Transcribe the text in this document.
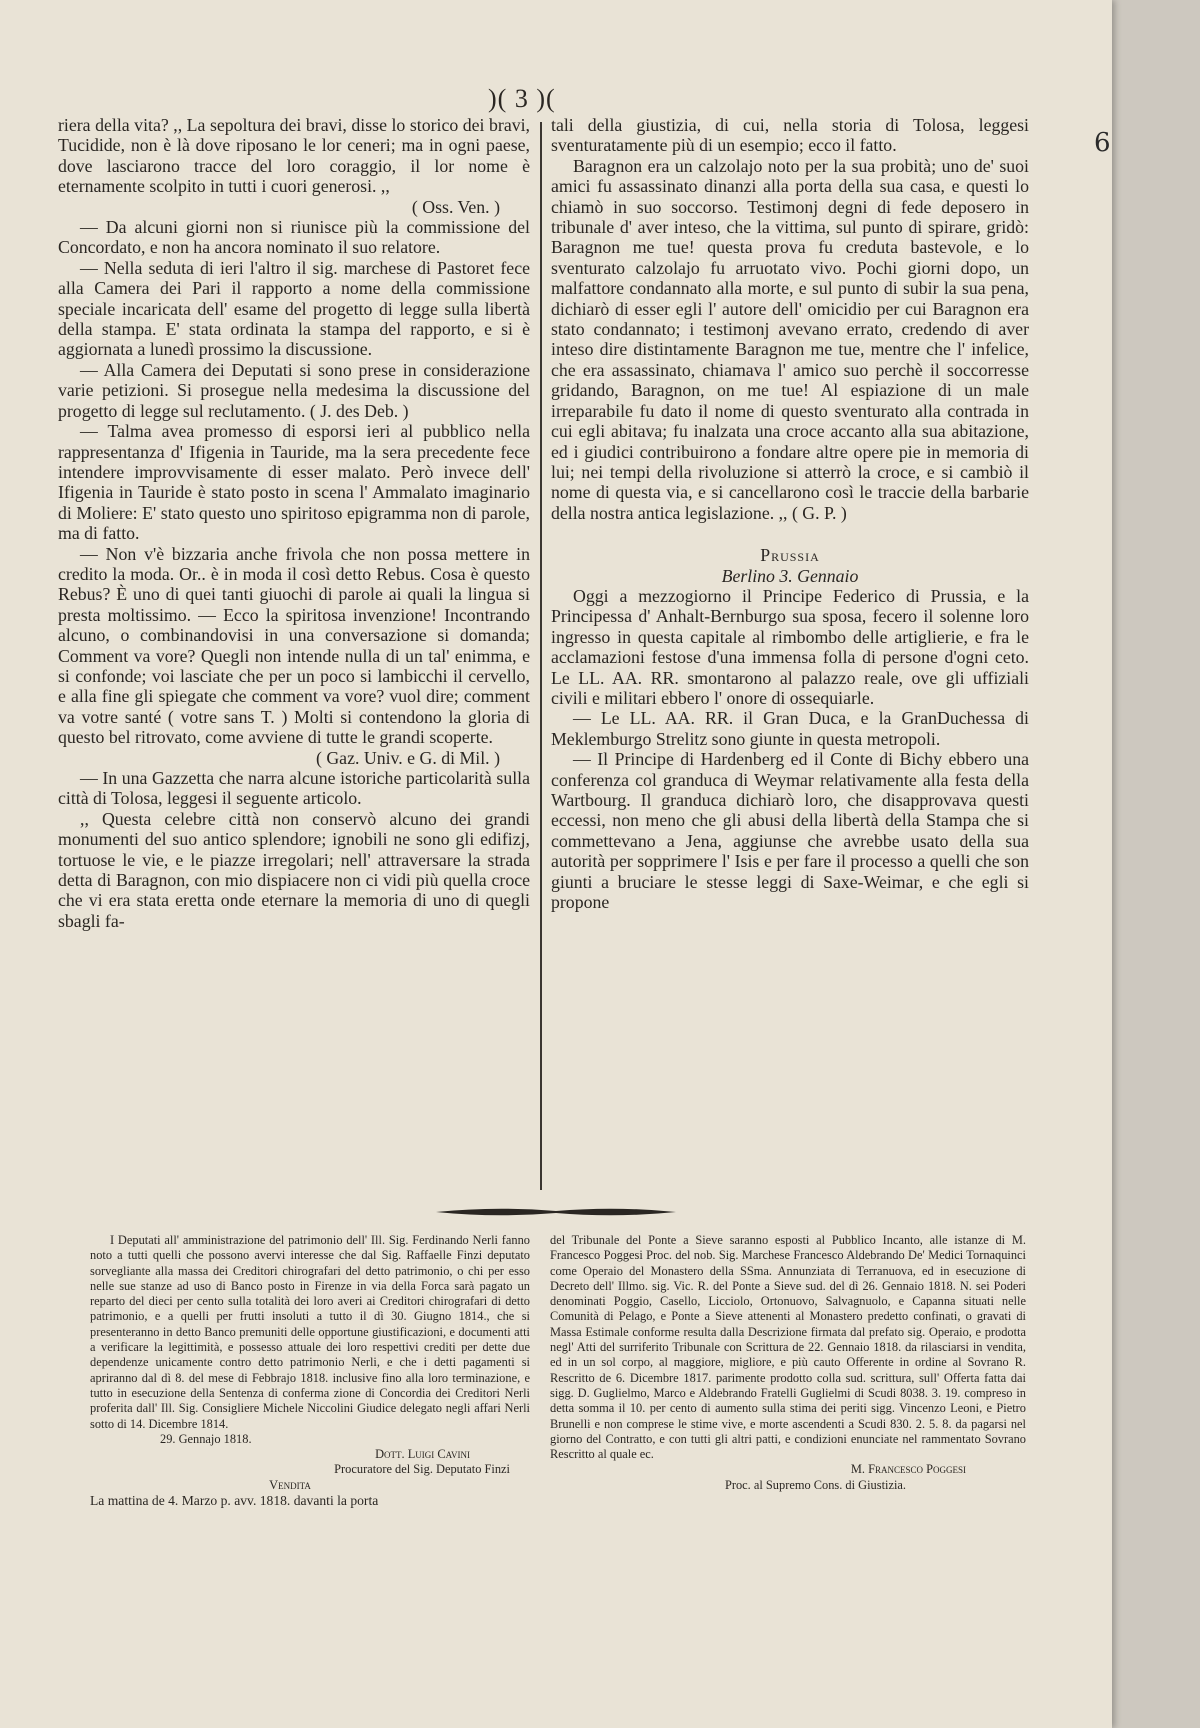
)( 3 )(

riera della vita? ,, La sepoltura dei bravi, disse lo storico dei bravi, Tucidide, non è là dove riposano le lor ceneri; ma in ogni paese, dove lasciarono tracce del loro coraggio, il lor nome è eternamente scolpito in tutti i cuori generosi. ,,

( Oss. Ven. )

— Da alcuni giorni non si riunisce più la commissione del Concordato, e non ha ancora nominato il suo relatore.

— Nella seduta di ieri l'altro il sig. marchese di Pastoret fece alla Camera dei Pari il rapporto a nome della commissione speciale incaricata dell' esame del progetto di legge sulla libertà della stampa. E' stata ordinata la stampa del rapporto, e si è aggiornata a lunedì prossimo la discussione.

— Alla Camera dei Deputati si sono prese in considerazione varie petizioni. Si prosegue nella medesima la discussione del progetto di legge sul reclutamento. ( J. des Deb. )

— Talma avea promesso di esporsi ieri al pubblico nella rappresentanza d' Ifigenia in Tauride, ma la sera precedente fece intendere improvvisamente di esser malato. Però invece dell' Ifigenia in Tauride è stato posto in scena l' Ammalato imaginario di Moliere: E' stato questo uno spiritoso epigramma non di parole, ma di fatto.

— Non v'è bizzaria anche frivola che non possa mettere in credito la moda. Or.. è in moda il così detto Rebus. Cosa è questo Rebus? È uno di quei tanti giuochi di parole ai quali la lingua si presta moltissimo. — Ecco la spiritosa invenzione! Incontrando alcuno, o combinandovisi in una conversazione si domanda; Comment va vore? Quegli non intende nulla di un tal' enimma, e si confonde; voi lasciate che per un poco si lambicchi il cervello, e alla fine gli spiegate che comment va vore? vuol dire; comment va votre santé ( votre sans T. ) Molti si contendono la gloria di questo bel ritrovato, come avviene di tutte le grandi scoperte.

( Gaz. Univ. e G. di Mil. )

— In una Gazzetta che narra alcune istoriche particolarità sulla città di Tolosa, leggesi il seguente articolo.

,, Questa celebre città non conservò alcuno dei grandi monumenti del suo antico splendore; ignobili ne sono gli edifizj, tortuose le vie, e le piazze irregolari; nell' attraversare la strada detta di Baragnon, con mio dispiacere non ci vidi più quella croce che vi era stata eretta onde eternare la memoria di uno di quegli sbagli fa-

tali della giustizia, di cui, nella storia di Tolosa, leggesi sventuratamente più di un esempio; ecco il fatto.

Baragnon era un calzolajo noto per la sua probità; uno de' suoi amici fu assassinato dinanzi alla porta della sua casa, e questi lo chiamò in suo soccorso. Testimonj degni di fede deposero in tribunale d' aver inteso, che la vittima, sul punto di spirare, gridò: Baragnon me tue! questa prova fu creduta bastevole, e lo sventurato calzolajo fu arruotato vivo. Pochi giorni dopo, un malfattore condannato alla morte, e sul punto di subir la sua pena, dichiarò di esser egli l' autore dell' omicidio per cui Baragnon era stato condannato; i testimonj avevano errato, credendo di aver inteso dire distintamente Baragnon me tue, mentre che l' infelice, che era assassinato, chiamava l' amico suo perchè il soccorresse gridando, Baragnon, on me tue! Al espiazione di un male irreparabile fu dato il nome di questo sventurato alla contrada in cui egli abitava; fu inalzata una croce accanto alla sua abitazione, ed i giudici contribuirono a fondare altre opere pie in memoria di lui; nei tempi della rivoluzione si atterrò la croce, e si cambiò il nome di questa via, e si cancellarono così le traccie della barbarie della nostra antica legislazione. ,, ( G. P. )

Prussia

Berlino 3. Gennaio

Oggi a mezzogiorno il Principe Federico di Prussia, e la Principessa d' Anhalt-Bernburgo sua sposa, fecero il solenne loro ingresso in questa capitale al rimbombo delle artiglierie, e fra le acclamazioni festose d'una immensa folla di persone d'ogni ceto. Le LL. AA. RR. smontarono al palazzo reale, ove gli uffiziali civili e militari ebbero l' onore di ossequiarle.

— Le LL. AA. RR. il Gran Duca, e la GranDuchessa di Meklemburgo Strelitz sono giunte in questa metropoli.

— Il Principe di Hardenberg ed il Conte di Bichy ebbero una conferenza col granduca di Weymar relativamente alla festa della Wartbourg. Il granduca dichiarò loro, che disapprovava questi eccessi, non meno che gli abusi della libertà della Stampa che si commettevano a Jena, aggiunse che avrebbe usato della sua autorità per sopprimere l' Isis e per fare il processo a quelli che son giunti a bruciare le stesse leggi di Saxe-Weimar, e che egli si propone

I Deputati all' amministrazione del patrimonio dell' Ill. Sig. Ferdinando Nerli fanno noto a tutti quelli che possono avervi interesse che dal Sig. Raffaelle Finzi deputato sorvegliante alla massa dei Creditori chirografari del detto patrimonio, o chi per esso nelle sue stanze ad uso di Banco posto in Firenze in via della Forca sarà pagato un reparto del dieci per cento sulla totalità dei loro averi ai Creditori chirografari di detto patrimonio, e a quelli per frutti insoluti a tutto il dì 30. Giugno 1814., che si presenteranno in detto Banco premuniti delle opportune giustificazioni, e documenti atti a verificare la legittimità, e possesso attuale dei loro respettivi crediti per dette due dependenze unicamente contro detto patrimonio Nerli, e che i detti pagamenti si apriranno dal dì 8. del mese di Febbrajo 1818. inclusive fino alla loro terminazione, e tutto in esecuzione della Sentenza di conferma zione di Concordia dei Creditori Nerli proferita dall' Ill. Sig. Consigliere Michele Niccolini Giudice delegato negli affari Nerli sotto di 14. Dicembre 1814.

29. Gennajo 1818.

Dott. Luigi Cavini

Procuratore del Sig. Deputato Finzi

Vendita

La mattina de 4. Marzo p. avv. 1818. davanti la porta

del Tribunale del Ponte a Sieve saranno esposti al Pubblico Incanto, alle istanze di M. Francesco Poggesi Proc. del nob. Sig. Marchese Francesco Aldebrando De' Medici Tornaquinci come Operaio del Monastero della SSma. Annunziata di Terranuova, ed in esecuzione di Decreto dell' Illmo. sig. Vic. R. del Ponte a Sieve sud. del dì 26. Gennaio 1818. N. sei Poderi denominati Poggio, Casello, Licciolo, Ortonuovo, Salvagnuolo, e Capanna situati nelle Comunità di Pelago, e Ponte a Sieve attenenti al Monastero predetto confinati, o gravati di Massa Estimale conforme resulta dalla Descrizione firmata dal prefato sig. Operaio, e prodotta negl' Atti del surriferito Tribunale con Scrittura de 22. Gennaio 1818. da rilasciarsi in vendita, ed in un sol corpo, al maggiore, migliore, e più cauto Offerente in ordine al Sovrano R. Rescritto de 6. Dicembre 1817. parimente prodotto colla sud. scrittura, sull' Offerta fatta dai sigg. D. Guglielmo, Marco e Aldebrando Fratelli Guglielmi di Scudi 8038. 3. 19. compreso in detta somma il 10. per cento di aumento sulla stima dei periti sigg. Vincenzo Leoni, e Pietro Brunelli e non comprese le stime vive, e morte ascendenti a Scudi 830. 2. 5. 8. da pagarsi nel giorno del Contratto, e con tutti gli altri patti, e condizioni enunciate nel rammentato Sovrano Rescritto al quale ec.

M. Francesco Poggesi

Proc. al Supremo Cons. di Giustizia.

6
